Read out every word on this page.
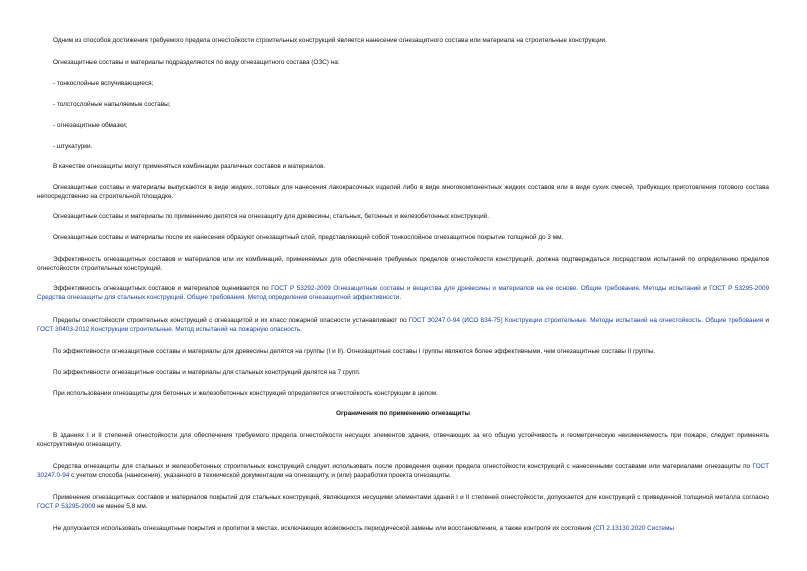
Одним из способов достижения требуемого предела огнестойкости строительных конструкций является нанесение огнезащитного состава или материала на строительные конструкции.

Огнезащитные составы и материалы подразделяются по виду огнезащитного состава (ОЗС) на:

- тонкослойные вспучивающиеся;

- толстослойные напыляемые составы;

- огнезащитные обмазки;

- штукатурки.

В качестве огнезащиты могут применяться комбинации различных составов и материалов.

Огнезащитные составы и материалы выпускаются в виде жидких, готовых для нанесения лакокрасочных изделий либо в виде многокомпонентных жидких составов или в виде сухих смесей, требующих приготовления готового состава непосредственно на строительной площадке.

Огнезащитные составы и материалы по применению делятся на огнезащиту для древесины, стальных, бетонных и железобетонных конструкций.

Огнезащитные составы и материалы после их нанесения образуют огнезащитный слой, представляющий собой тонкослойное огнезащитное покрытие толщиной до 3 мм.

Эффективность огнезащитных составов и материалов или их комбинаций, применяемых для обеспечения требуемых пределов огнестойкости конструкций, должна подтверждаться посредством испытаний по определению пределов огнестойкости строительных конструкций.

Эффективность огнезащитных составов и материалов оценивается по ГОСТ Р 53292-2009 Огнезащитные составы и вещества для древесины и материалов на ее основе. Общие требования. Методы испытаний и ГОСТ Р 53295-2009 Средства огнезащиты для стальных конструкций. Общие требования. Метод определения огнезащитной эффективности.

Пределы огнестойкости строительных конструкций с огнезащитой и их класс пожарной опасности устанавливают по ГОСТ 30247.0-94 (ИСО 834-75) Конструкции строительные. Методы испытаний на огнестойкость. Общие требования и ГОСТ 30403-2012 Конструкции строительные. Метод испытаний на пожарную опасность.

По эффективности огнезащитные составы и материалы для древесины делятся на группы (I и II). Огнезащитные составы I группы являются более эффективными, чем огнезащитные составы II группы.

По эффективности огнезащитные составы и материалы для стальных конструкций делятся на 7 групп.

При использовании огнезащиты для бетонных и железобетонных конструкций определяется огнестойкость конструкции в целом.

Ограничения по применению огнезащиты

В зданиях I и II степеней огнестойкости для обеспечения требуемого предела огнестойкости несущих элементов здания, отвечающих за его общую устойчивость и геометрическую неизменяемость при пожаре, следует применять конструктивную огнезащиту.

Средства огнезащиты для стальных и железобетонных строительных конструкций следует использовать после проведения оценки предела огнестойкости конструкций с нанесенными составами или материалами огнезащиты по ГОСТ 30247.0-94 с учетом способа (нанесения), указанного в технической документации на огнезащиту, и (или) разработки проекта огнезащиты.

Применение огнезащитных составов и материалов покрытий для стальных конструкций, являющихся несущими элементами зданий I и II степеней огнестойкости, допускается для конструкций с приведенной толщиной металла согласно ГОСТ Р 53295-2009 не менее 5,8 мм.

Не допускается использовать огнезащитные покрытия и пропитки в местах, исключающих возможность периодической замены или восстановления, а также контроля их состояния (СП 2.13130.2020 Системы
